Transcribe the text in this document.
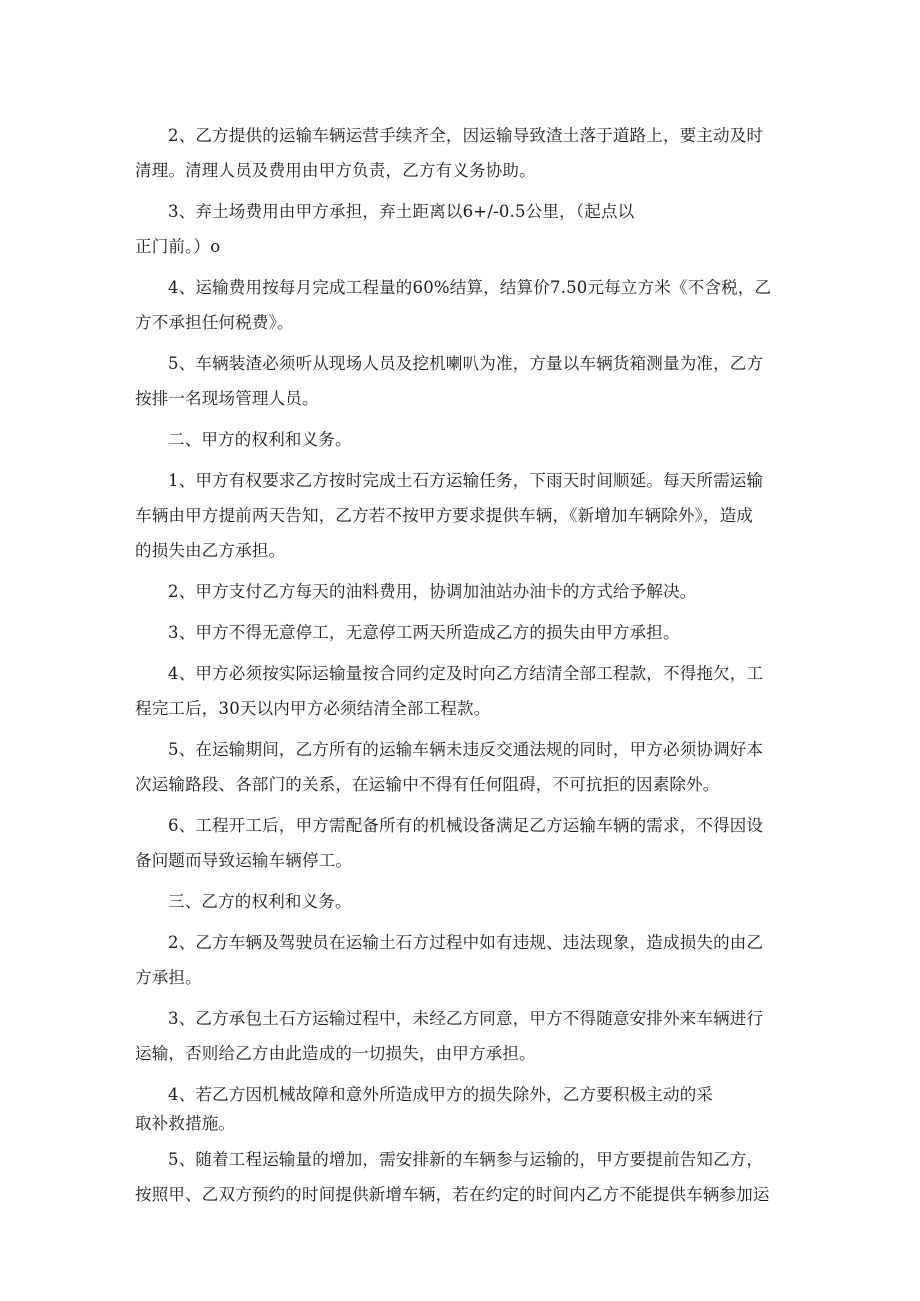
2、乙方提供的运输车辆运营手续齐全，因运输导致渣土落于道路上，要主动及时
清理。清理人员及费用由甲方负责，乙方有义务协助。
3、弃土场费用由甲方承担，弃土距离以6+/-0.5公里，（起点以
正门前。）o
4、运输费用按每月完成工程量的60%结算，结算价7.50元每立方米《不含税，乙
方不承担任何税费》。
5、车辆装渣必须听从现场人员及挖机喇叭为准，方量以车辆货箱测量为准，乙方
按排一名现场管理人员。
二、甲方的权利和义务。
1、甲方有权要求乙方按时完成土石方运输任务，下雨天时间顺延。每天所需运输
车辆由甲方提前两天告知，乙方若不按甲方要求提供车辆，《新增加车辆除外》，造成
的损失由乙方承担。
2、甲方支付乙方每天的油料费用，协调加油站办油卡的方式给予解决。
3、甲方不得无意停工，无意停工两天所造成乙方的损失由甲方承担。
4、甲方必须按实际运输量按合同约定及时向乙方结清全部工程款，不得拖欠，工
程完工后，30天以内甲方必须结清全部工程款。
5、在运输期间，乙方所有的运输车辆未违反交通法规的同时，甲方必须协调好本
次运输路段、各部门的关系，在运输中不得有任何阻碍，不可抗拒的因素除外。
6、工程开工后，甲方需配备所有的机械设备满足乙方运输车辆的需求，不得因设
备问题而导致运输车辆停工。
三、乙方的权利和义务。
2、乙方车辆及驾驶员在运输土石方过程中如有违规、违法现象，造成损失的由乙
方承担。
3、乙方承包土石方运输过程中，未经乙方同意，甲方不得随意安排外来车辆进行
运输，否则给乙方由此造成的一切损失，由甲方承担。
4、若乙方因机械故障和意外所造成甲方的损失除外，乙方要积极主动的采
取补救措施。
5、随着工程运输量的增加，需安排新的车辆参与运输的，甲方要提前告知乙方，
按照甲、乙双方预约的时间提供新增车辆，若在约定的时间内乙方不能提供车辆参加运
